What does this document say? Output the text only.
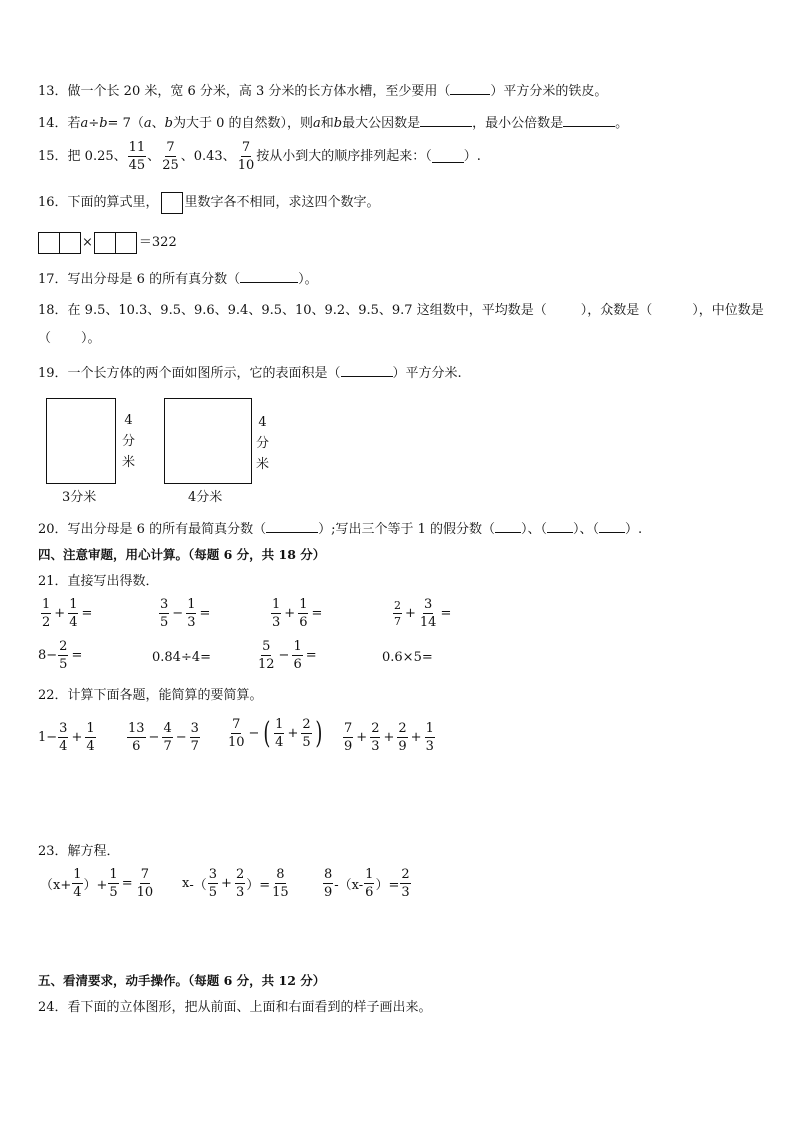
13．做一个长 20 米，宽 6 分米，高 3 分米的长方体水槽，至少要用（	）平方分米的铁皮。
14．若a÷b= 7（a、b为大于 0 的自然数），则a和b最大公因数是	，最小公倍数是	。
15．把 0.25、 $\frac{11}{45}$ 、 $\frac{7}{25}$ 、0.43、 $\frac{7}{10}$ 按从小到大的顺序排列起来：（ ）.
16．下面的算式里， 里数字各不相同，求这四个数字。
×	＝322
17．写出分母是 6 的所有真分数（	）。
18．在 9.5、10.3、9.5、9.6、9.4、9.5、10、9.2、9.5、9.7 这组数中，平均数是（	），众数是（	），中位数是
（ ）。
19．一个长方体的两个面如图所示，它的表面积是（	）平方分米.
4
分
米
3分米
4
分
米
4分米
20．写出分母是 6 的所有最简真分数（	）;写出三个等于 1 的假分数（ ）、（ ）、（ ）.
四、注意审题，用心计算。（每题 6 分，共 18 分）
21．直接写出得数．
$\frac{1}{2} + \frac{1}{4}$ =	$\frac{3}{5} - \frac{1}{3}$ =	$\frac{1}{3} + \frac{1}{6}$ =	$\frac{2}{7} + \frac{3}{14}$ =
$8- \frac{2}{5}$ =	0.84÷4=	$\frac{5}{12} - \frac{1}{6}$ =	0.6×5=
22．计算下面各题，能简算的要简算。
$1- \frac{3}{4} + \frac{1}{4} \frac{13}{6} - \frac{4}{7} - \frac{3}{7} \frac{7}{10}$ − ( $\frac{1}{4} + \frac{2}{5}$ ) $\frac{7}{9} + \frac{2}{3} + \frac{2}{9} + \frac{1}{3}$
23．解方程．
（$x+ \frac{1}{4}$ ）+ $\frac{1}{5} = \frac{7}{10}$ x -（ $\frac{3}{5} + \frac{2}{3}$ ）= $\frac{8}{15}$	$\frac{8}{9} -(x- \frac{1}{6}$ ）= $\frac{2}{3}$
五、看清要求，动手操作。（每题 6 分，共 12 分）
24．看下面的立体图形，把从前面、上面和右面看到的样子画出来。
